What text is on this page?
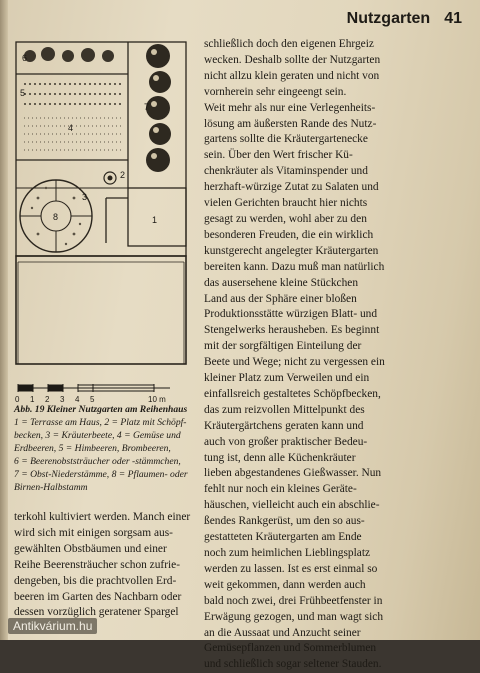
Nutzgarten 41
6
5
7
4
2
1
3
8
0 1 2 3 4 5	10 m
Abb. 19 Kleiner Nutzgarten am Reihenhaus
1 = Terrasse am Haus, 2 = Platz mit Schöpf-
becken, 3 = Kräuterbeete, 4 = Gemüse und
Erdbeeren, 5 = Himbeeren, Brombeeren,
6 = Beerenobststräucher oder -stämmchen,
7 = Obst-Niederstämme, 8 = Pflaumen- oder
Birnen-Halbstamm
schließlich doch den eigenen Ehrgeiz
wecken. Deshalb sollte der Nutzgarten
nicht allzu klein geraten und nicht von
vornherein sehr eingeengt sein.
Weit mehr als nur eine Verlegenheits-
lösung am äußersten Rande des Nutz-
gartens sollte die Kräutergartenecke
sein. Über den Wert frischer Kü-
chenkräuter als Vitaminspender und
herzhaft-würzige Zutat zu Salaten und
vielen Gerichten braucht hier nichts
gesagt zu werden, wohl aber zu den
besonderen Freuden, die ein wirklich
kunstgerecht angelegter Kräutergarten
bereiten kann. Dazu muß man natürlich
das ausersehene kleine Stückchen
Land aus der Sphäre einer bloßen
Produktionsstätte würzigen Blatt- und
Stengelwerks herausheben. Es beginnt
mit der sorgfältigen Einteilung der
Beete und Wege; nicht zu vergessen ein
kleiner Platz zum Verweilen und ein
einfallsreich gestaltetes Schöpfbecken,
das zum reizvollen Mittelpunkt des
Kräutergärtchens geraten kann und
auch von großer praktischer Bedeu-
tung ist, denn alle Küchenkräuter
lieben abgestandenes Gießwasser. Nun
fehlt nur noch ein kleines Geräte-
häuschen, vielleicht auch ein abschlie-
ßendes Rankgerüst, um den so aus-
gestatteten Kräutergarten am Ende
noch zum heimlichen Lieblingsplatz
werden zu lassen. Ist es erst einmal so
weit gekommen, dann werden auch
bald noch zwei, drei Frühbeetfenster in
Erwägung gezogen, und man wagt sich
an die Aussaat und Anzucht seiner
Gemüsepflanzen und Sommerblumen
und schließlich sogar seltener Stauden.
terkohl kultiviert werden. Manch einer
wird sich mit einigen sorgsam aus-
gewählten Obstbäumen und einer
Reihe Beerensträucher schon zufrie-
dengeben, bis die prachtvollen Erd-
beeren im Garten des Nachbarn oder
dessen vorzüglich geratener Spargel
Antikvárium.hu
